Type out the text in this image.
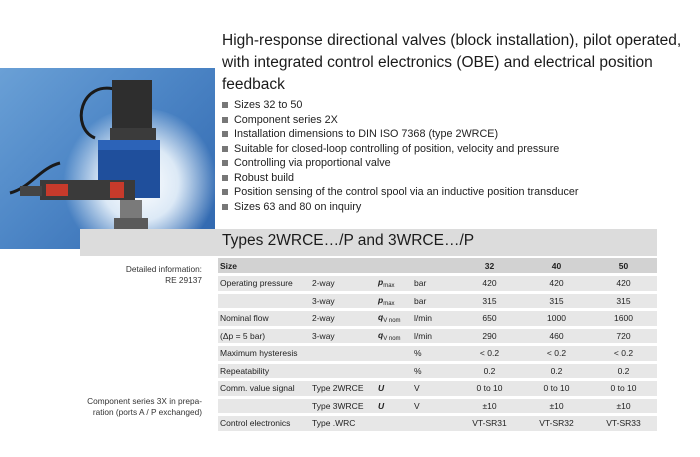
High-response directional valves (block installation), pilot operated, with integrated control electronics (OBE) and electrical position feedback
Sizes 32 to 50
Component series 2X
Installation dimensions to DIN ISO 7368 (type 2WRCE)
Suitable for closed-loop controlling of position, velocity and pressure
Controlling via proportional valve
Robust build
Position sensing of the control spool via an inductive position transducer
Sizes 63 and 80 on inquiry
Types 2WRCE…/P and 3WRCE…/P
Detailed information:
RE 29137
Component series 3X in prepa-
ration (ports A / P exchanged)
Size				32	40	50

Operating pressure	2-way	$p_{max}$	bar	420	420	420

	3-way	$p_{max}$	bar	315	315	315

Nominal flow	2-way	$q_{V nom}$	l/min	650	1000	1600

(Δp = 5 bar)	3-way	$q_{V nom}$	l/min	290	460	720

Maximum hysteresis			%	< 0.2	< 0.2	< 0.2

Repeatability			%	0.2	0.2	0.2

Comm. value signal	Type 2WRCE	U	V	0 to 10	0 to 10	0 to 10

	Type 3WRCE	U	V	±10	±10	±10

Control electronics	Type .WRC			VT-SR31	VT-SR32	VT-SR33
